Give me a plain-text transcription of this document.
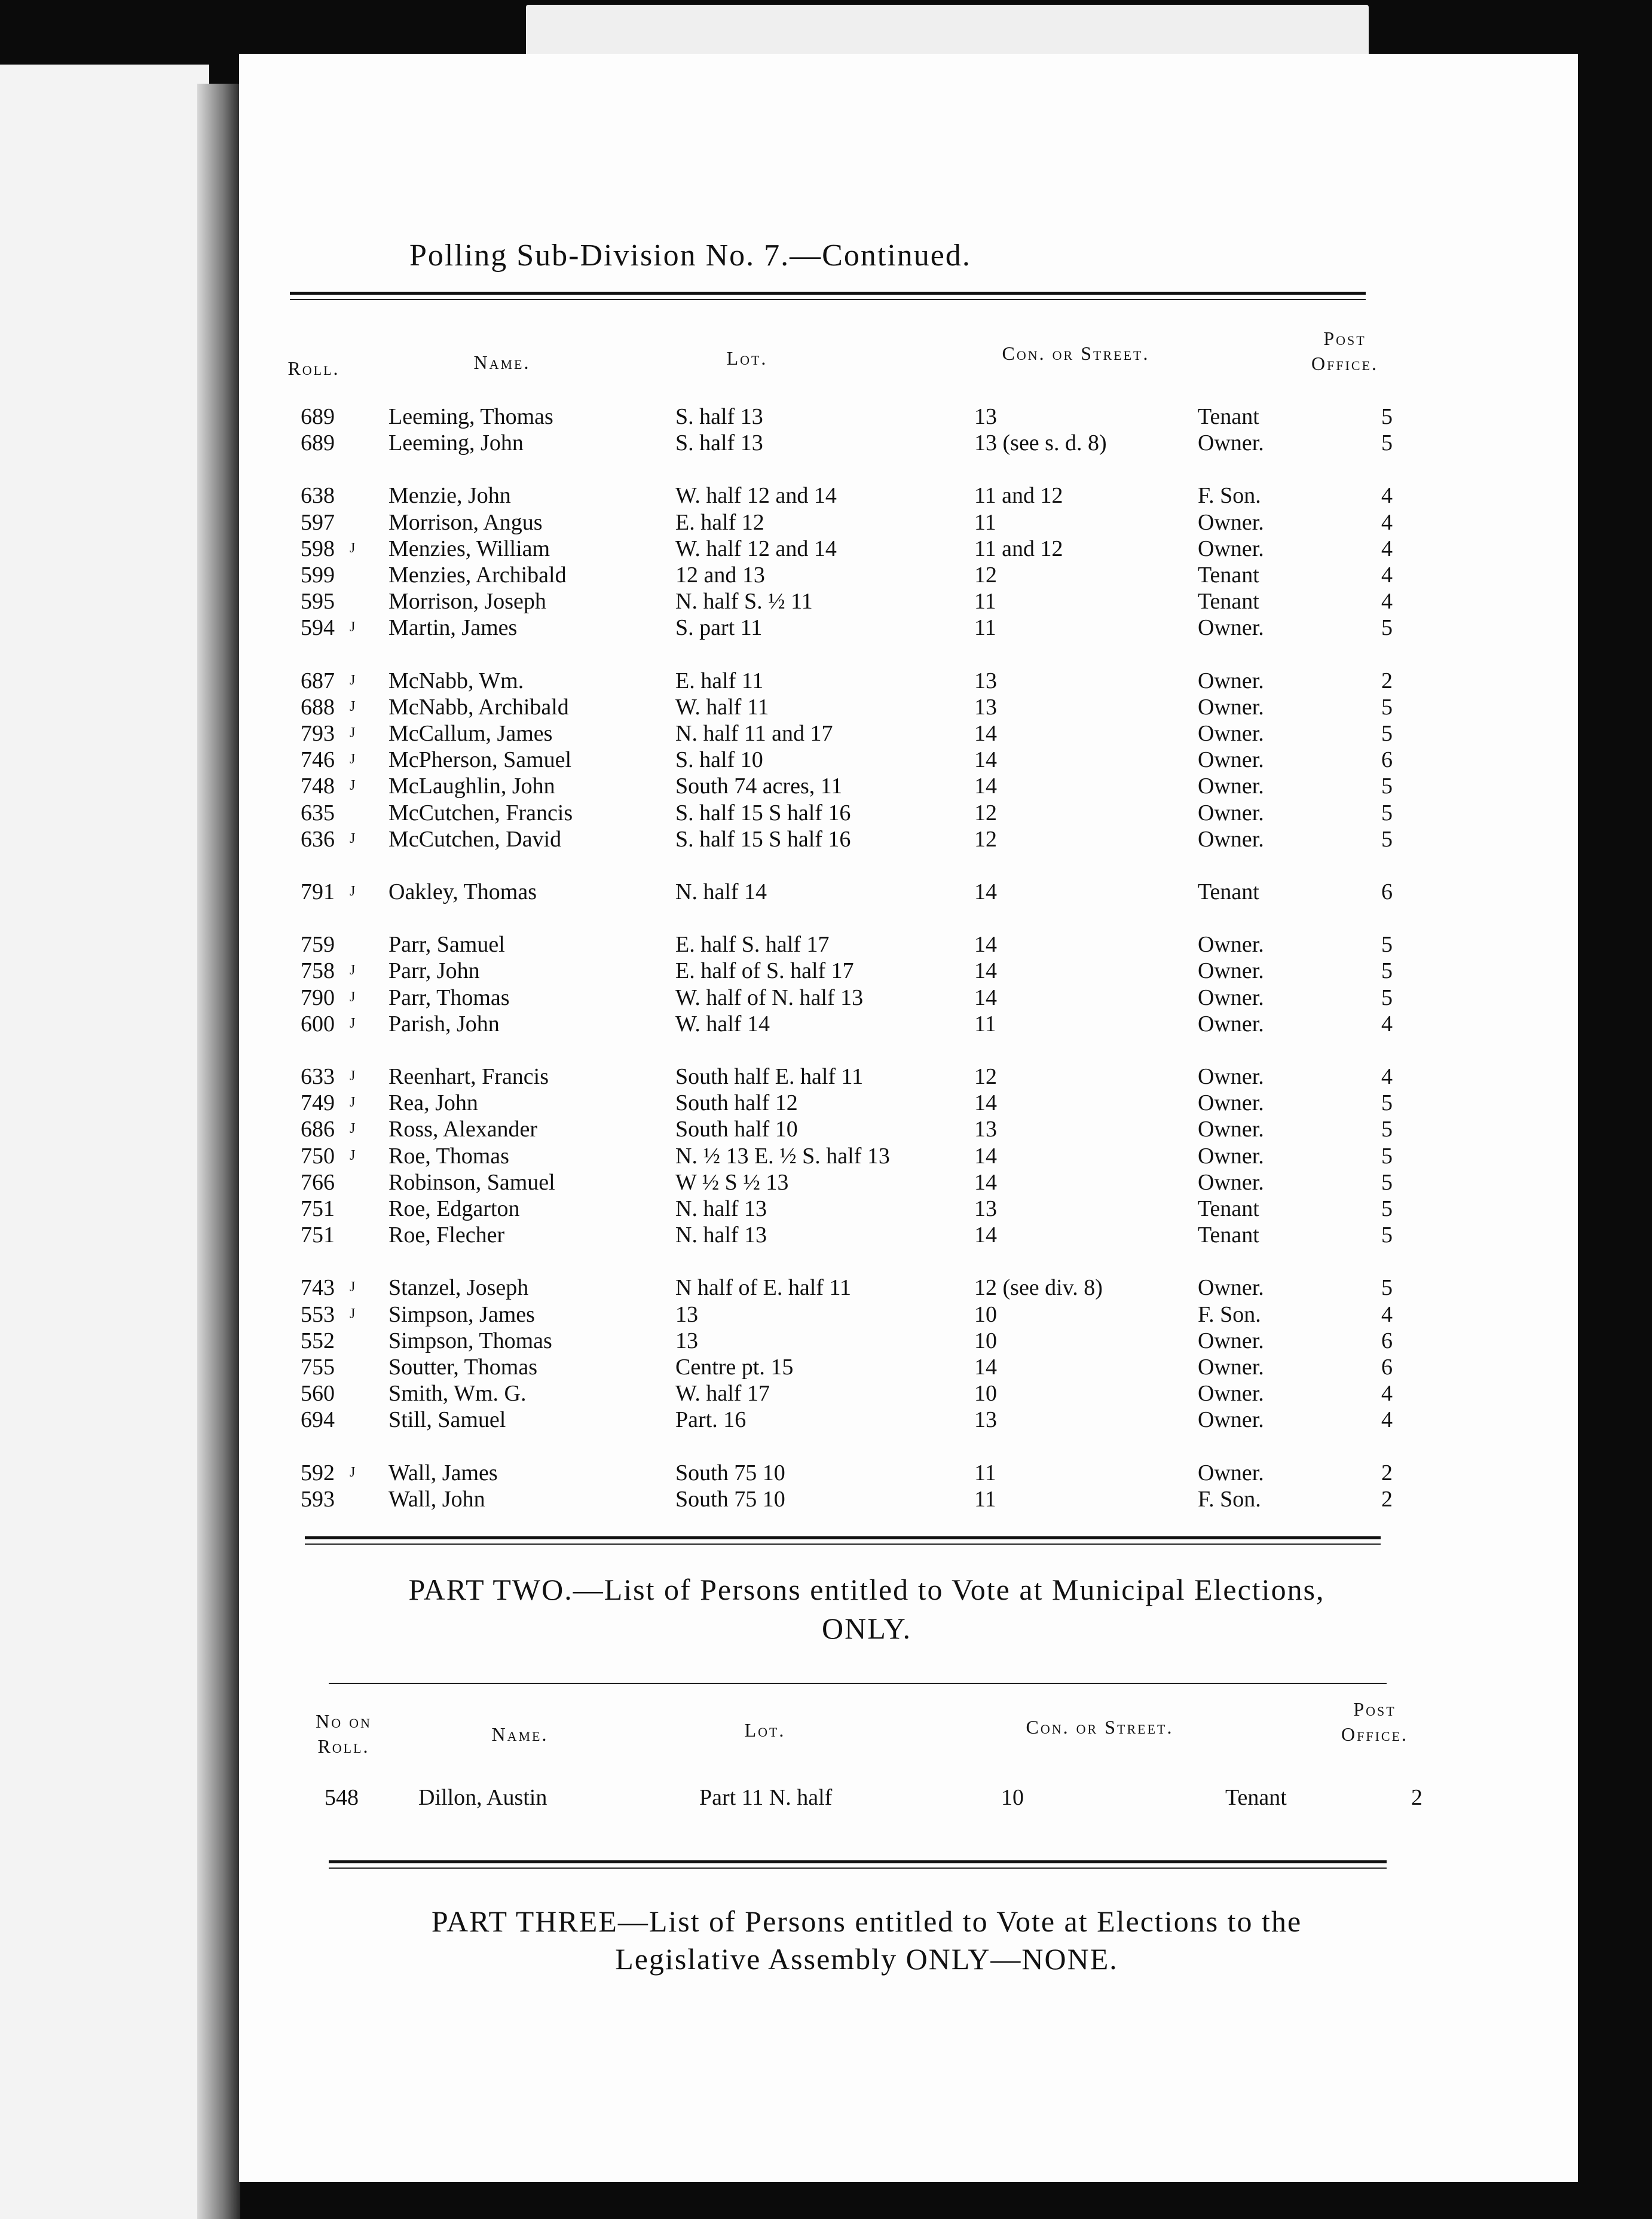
Polling Sub-Division No. 7.—Continued.
Roll.	Name.	Lot.	Con. or Street.
Post Office.
PART TWO.—List of Persons entitled to Vote at Municipal Elections,
ONLY.
No on Roll.
Name.	Lot.	Con. or Street.
Post Office.
548	Dillon, Austin	Part 11 N. half	10	Tenant	2
PART THREE—List of Persons entitled to Vote at Elections to the
Legislative Assembly ONLY—NONE.
689 Leeming, Thomas	S. half 13	13	Tenant	5
689 Leeming, John	S. half 13	13 (see s. d. 8)	Owner.	5
638 Menzie, John	W. half 12 and 14	11 and 12	F. Son.	4
597 Morrison, Angus	E. half 12	11	Owner.	4
598 J Menzies, William	W. half 12 and 14	11 and 12	Owner.	4
599 Menzies, Archibald	12 and 13	12	Tenant	4
595 Morrison, Joseph	N. half S. ½ 11	11	Tenant	4
594 J Martin, James	S. part 11	11	Owner.	5
687 J McNabb, Wm.	E. half 11	13	Owner.	2
688 J McNabb, Archibald	W. half 11	13	Owner.	5
793 J McCallum, James	N. half 11 and 17	14	Owner.	5
746 J McPherson, Samuel	S. half 10	14	Owner.	6
748 J McLaughlin, John	South 74 acres, 11	14	Owner.	5
635 McCutchen, Francis	S. half 15 S half 16	12	Owner.	5
636 J McCutchen, David	S. half 15 S half 16	12	Owner.	5
791 J Oakley, Thomas	N. half 14	14	Tenant	6
759 Parr, Samuel	E. half S. half 17	14	Owner.	5
758 J Parr, John	E. half of S. half 17	14	Owner.	5
790 J Parr, Thomas	W. half of N. half 13	14	Owner.	5
600 J Parish, John	W. half 14	11	Owner.	4
633 J Reenhart, Francis	South half E. half 11	12	Owner.	4
749 J Rea, John	South half 12	14	Owner.	5
686 J Ross, Alexander	South half 10	13	Owner.	5
750 J Roe, Thomas	N. ½ 13 E. ½ S. half 13	14	Owner.	5
766 Robinson, Samuel	W ½ S ½ 13	14	Owner.	5
751 Roe, Edgarton	N. half 13	13	Tenant	5
751 Roe, Flecher	N. half 13	14	Tenant	5
743 J Stanzel, Joseph	N half of E. half 11	12 (see div. 8)	Owner.	5
553 J Simpson, James	13	10	F. Son.	4
552 Simpson, Thomas	13	10	Owner.	6
755 Soutter, Thomas	Centre pt. 15	14	Owner.	6
560 Smith, Wm. G.	W. half 17	10	Owner.	4
694 Still, Samuel	Part. 16	13	Owner.	4
592 J Wall, James	South 75 10	11	Owner.	2
593 Wall, John	South 75 10	11	F. Son.	2
